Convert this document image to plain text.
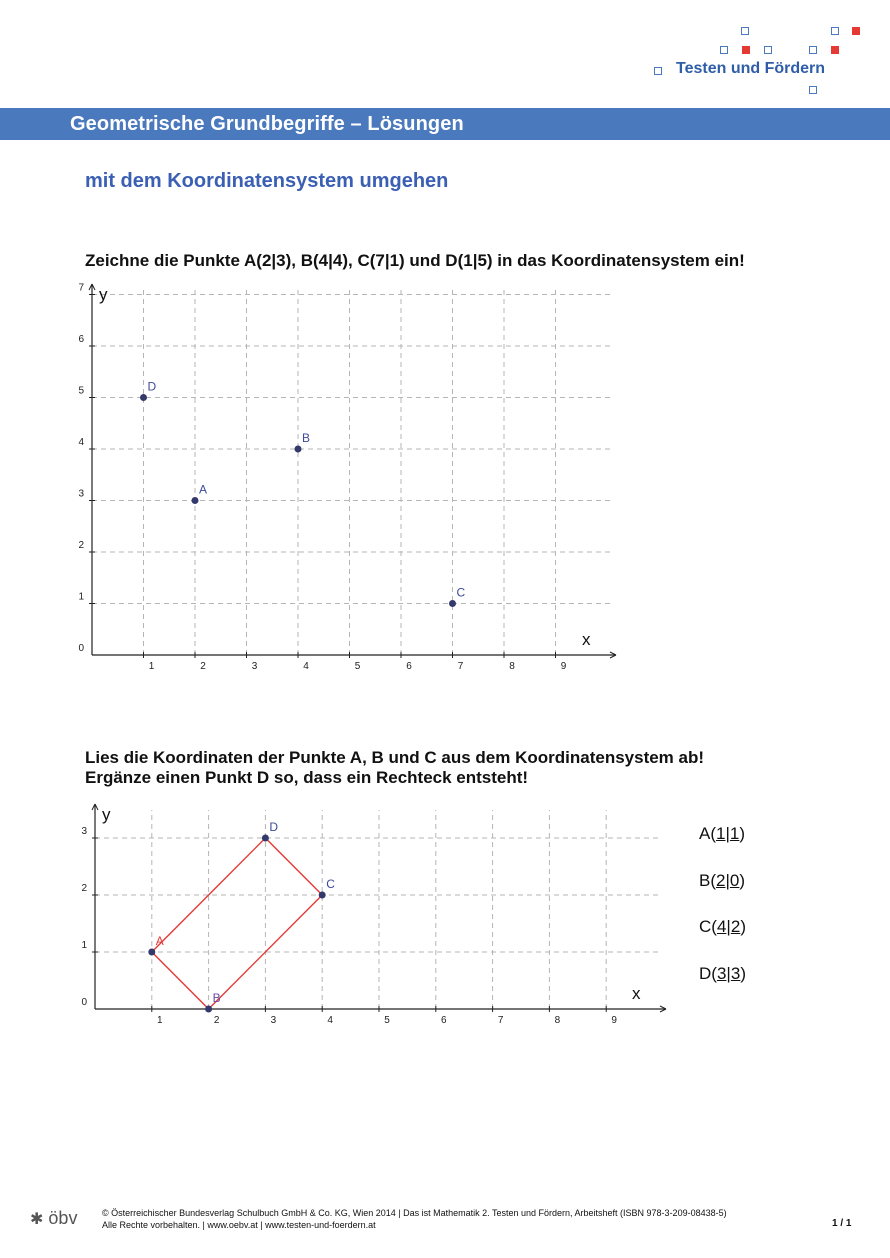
Testen und Fördern
Geometrische Grundbegriffe – Lösungen
mit dem Koordinatensystem umgehen
Zeichne die Punkte A(2|3), B(4|4), C(7|1) und D(1|5) in das Koordinatensystem ein!
1	2	3	4	5	6	7	8	9
0
1
2
3
4
5
6
7
x
y
A
B
C
D
1	2	3	4	5	6	7	8	9
0
1
2
3
x
y
A
B
C
D
Lies die Koordinaten der Punkte A, B und C aus dem Koordinatensystem ab!
Ergänze einen Punkt D so, dass ein Rechteck entsteht!
A(1|1)
B(2|0)
C(4|2)
D(3|3)
✱ öbv	© Österreichischer Bundesverlag Schulbuch GmbH & Co. KG, Wien 2014 | Das ist Mathematik 2. Testen und Fördern, Arbeitsheft (ISBN 978-3-209-08438-5)
Alle Rechte vorbehalten. | www.oebv.at | www.testen-und-foerdern.at	1 / 1
